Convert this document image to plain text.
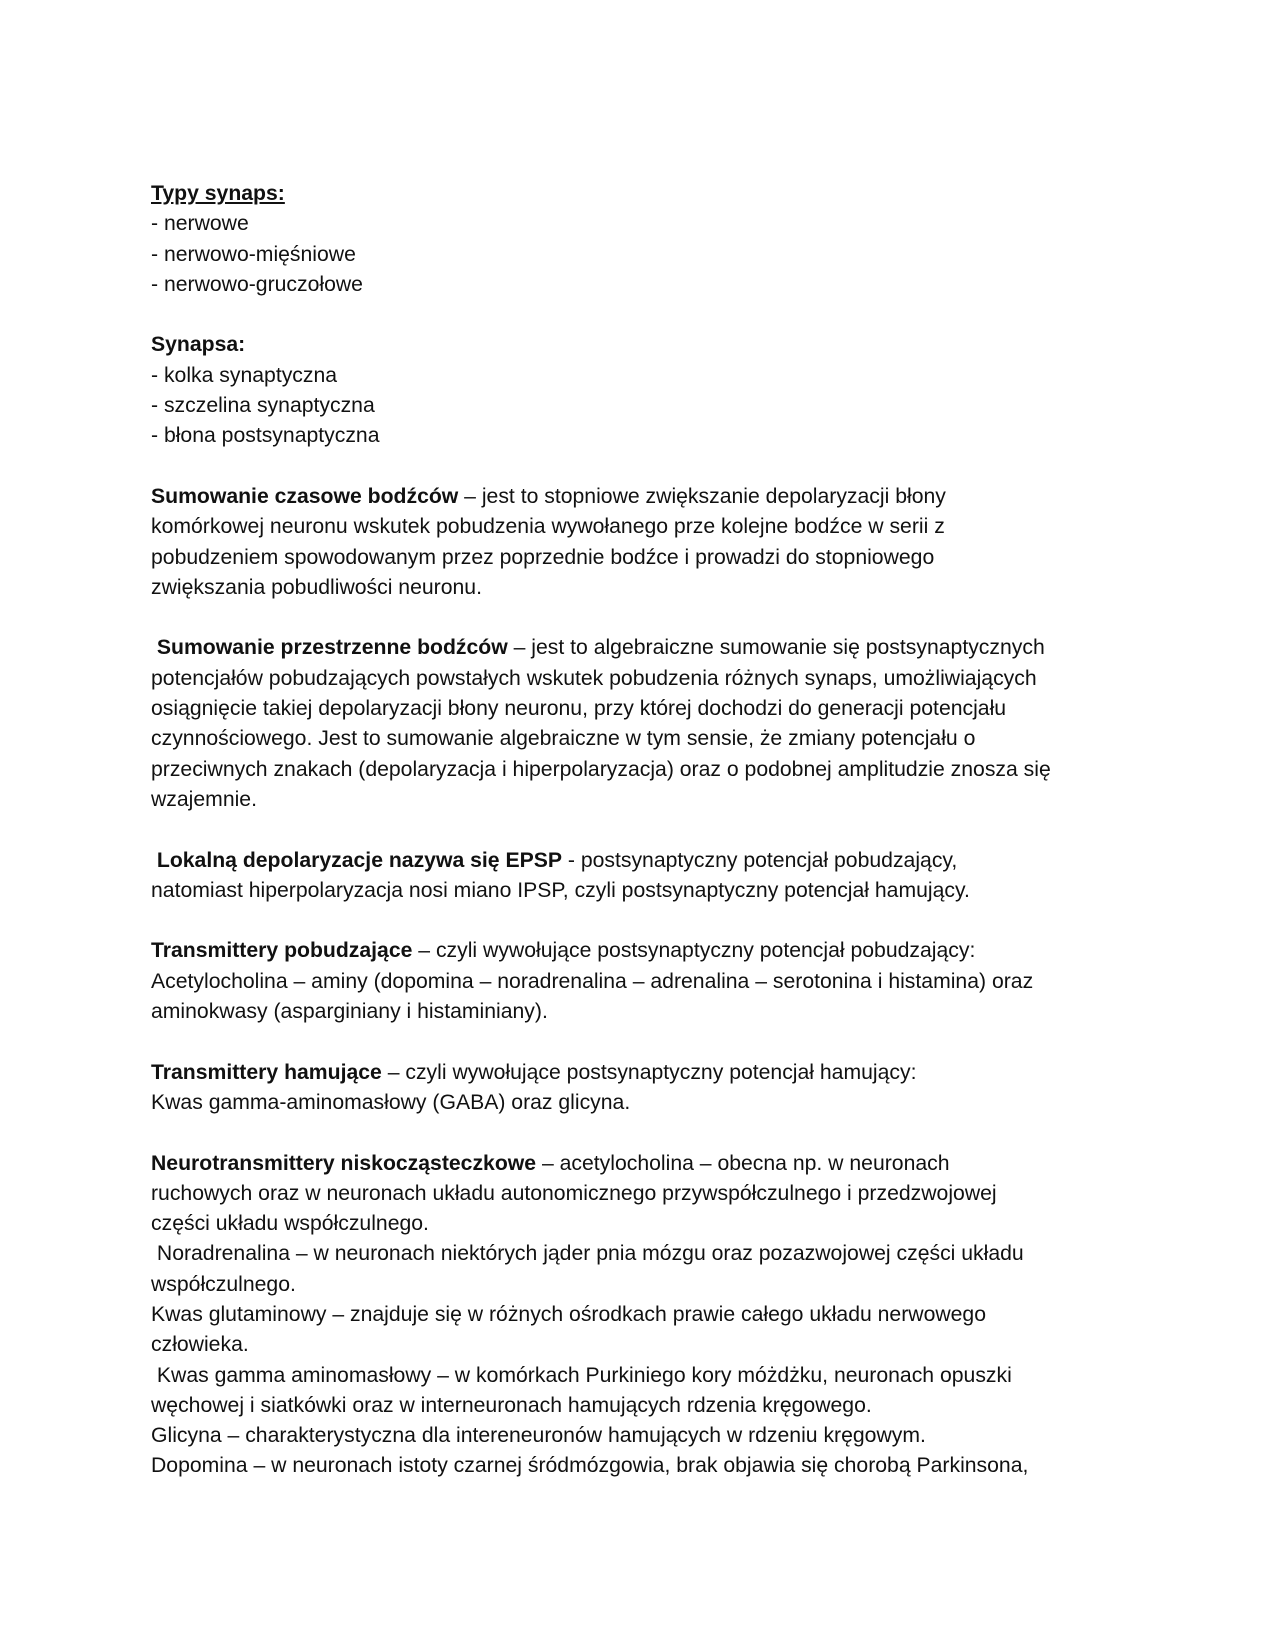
Typy synaps:

- nerwowe

- nerwowo-mięśniowe

- nerwowo-gruczołowe

Synapsa:

- kolka synaptyczna

- szczelina synaptyczna

- błona postsynaptyczna

Sumowanie czasowe bodźców – jest to stopniowe zwiększanie depolaryzacji błony

komórkowej neuronu wskutek pobudzenia wywołanego prze kolejne bodźce w serii z

pobudzeniem spowodowanym przez poprzednie bodźce i prowadzi do stopniowego

zwiększania pobudliwości neuronu.

Sumowanie przestrzenne bodźców – jest to algebraiczne sumowanie się postsynaptycznych

potencjałów pobudzających powstałych wskutek pobudzenia różnych synaps, umożliwiających

osiągnięcie takiej depolaryzacji błony neuronu, przy której dochodzi do generacji potencjału

czynnościowego. Jest to sumowanie algebraiczne w tym sensie, że zmiany potencjału o

przeciwnych znakach (depolaryzacja i hiperpolaryzacja) oraz o podobnej amplitudzie znosza się

wzajemnie.

Lokalną depolaryzacje nazywa się EPSP - postsynaptyczny potencjał pobudzający,

natomiast hiperpolaryzacja nosi miano IPSP, czyli postsynaptyczny potencjał hamujący.

Transmittery pobudzające – czyli wywołujące postsynaptyczny potencjał pobudzający:

Acetylocholina – aminy (dopomina – noradrenalina – adrenalina – serotonina i histamina) oraz

aminokwasy (asparginiany i histaminiany).

Transmittery hamujące – czyli wywołujące postsynaptyczny potencjał hamujący:

Kwas gamma-aminomasłowy (GABA) oraz glicyna.

Neurotransmittery niskocząsteczkowe – acetylocholina – obecna np. w neuronach

ruchowych oraz w neuronach układu autonomicznego przywspółczulnego i przedzwojowej

części układu współczulnego.

Noradrenalina – w neuronach niektórych jąder pnia mózgu oraz pozazwojowej części układu

współczulnego.

Kwas glutaminowy – znajduje się w różnych ośrodkach prawie całego układu nerwowego

człowieka.

Kwas gamma aminomasłowy – w komórkach Purkiniego kory móżdżku, neuronach opuszki

węchowej i siatkówki oraz w interneuronach hamujących rdzenia kręgowego.

Glicyna – charakterystyczna dla intereneuronów hamujących w rdzeniu kręgowym.

Dopomina – w neuronach istoty czarnej śródmózgowia, brak objawia się chorobą Parkinsona,
